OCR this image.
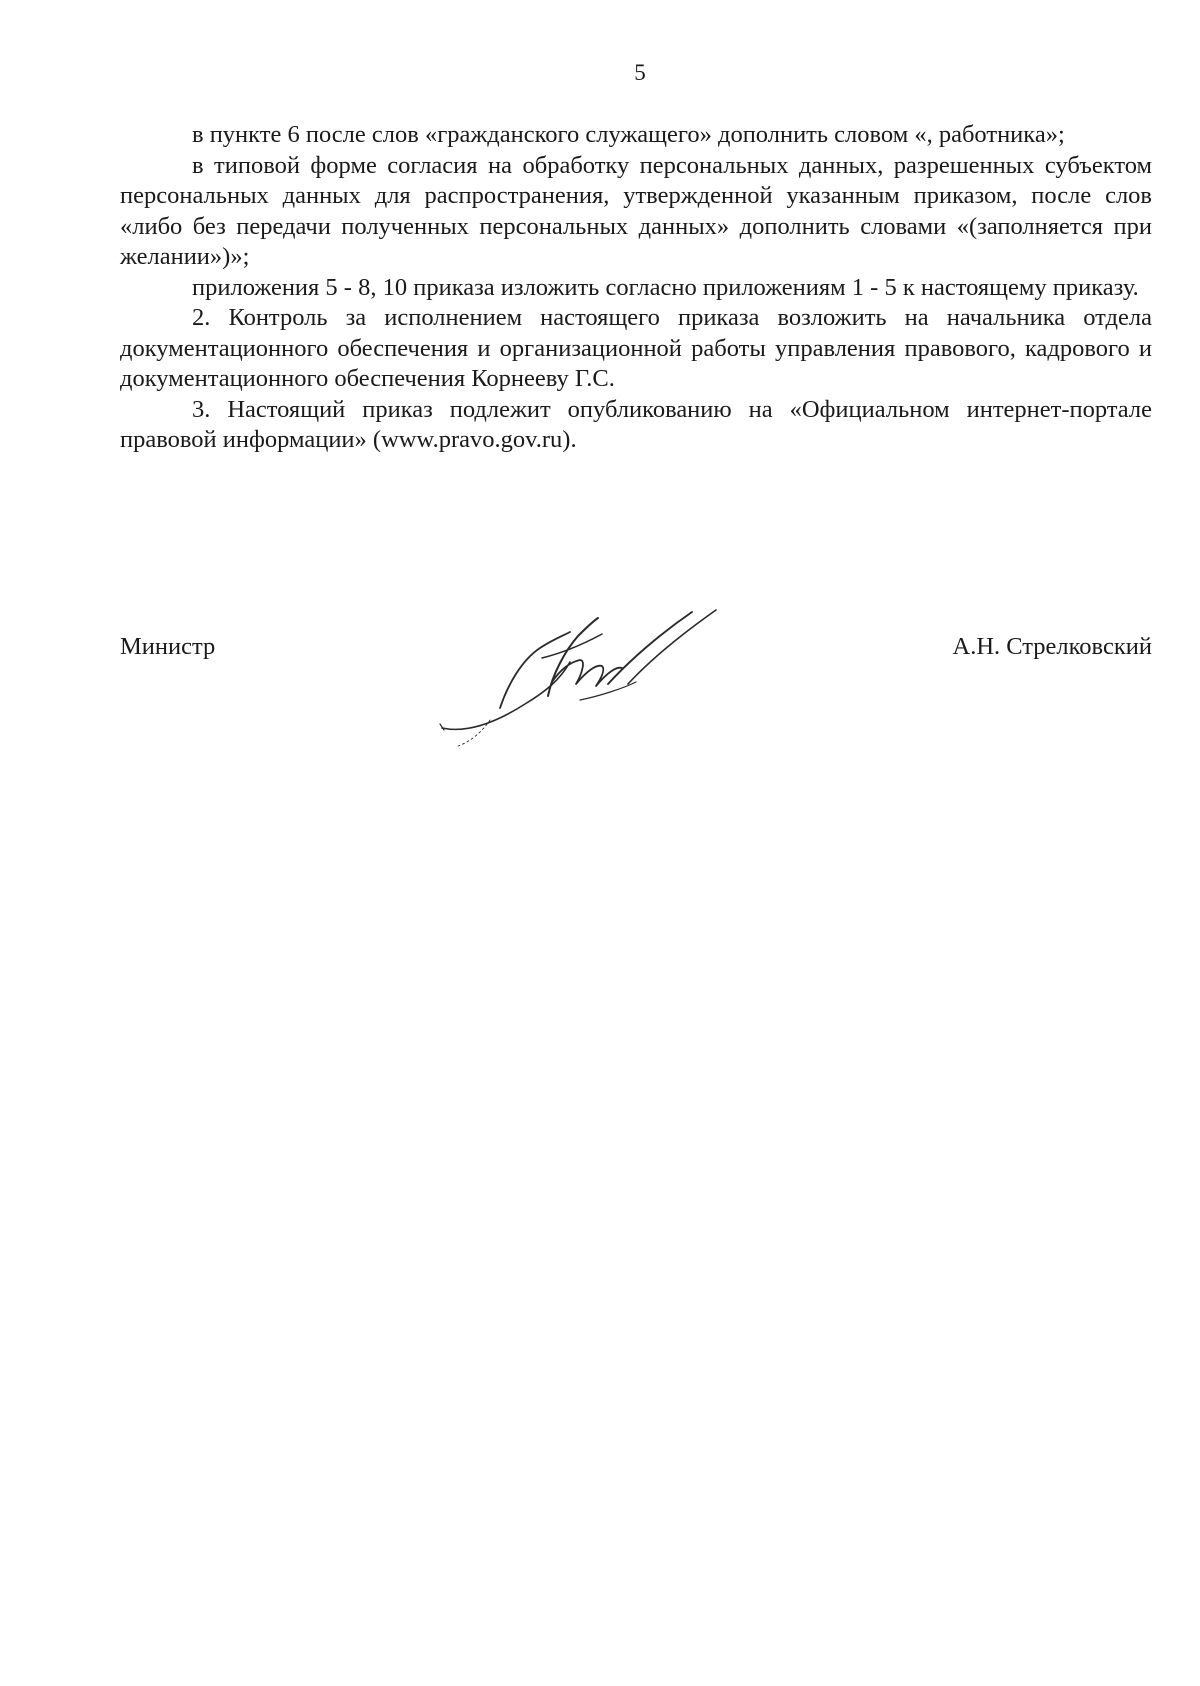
5

в пункте 6 после слов «гражданского служащего» дополнить словом «, работника»;

в типовой форме согласия на обработку персональных данных, разрешенных субъектом персональных данных для распространения, утвержденной указанным приказом, после слов «либо без передачи полученных персональных данных» дополнить словами «(заполняется при желании»)»;

приложения 5 - 8, 10 приказа изложить согласно приложениям 1 - 5 к настоящему приказу.

2. Контроль за исполнением настоящего приказа возложить на начальника отдела документационного обеспечения и организационной работы управления правового, кадрового и документационного обеспечения Корнееву Г.С.

3. Настоящий приказ подлежит опубликованию на «Официальном интернет-портале правовой информации» (www.pravo.gov.ru).

Министр	А.Н. Стрелковский
